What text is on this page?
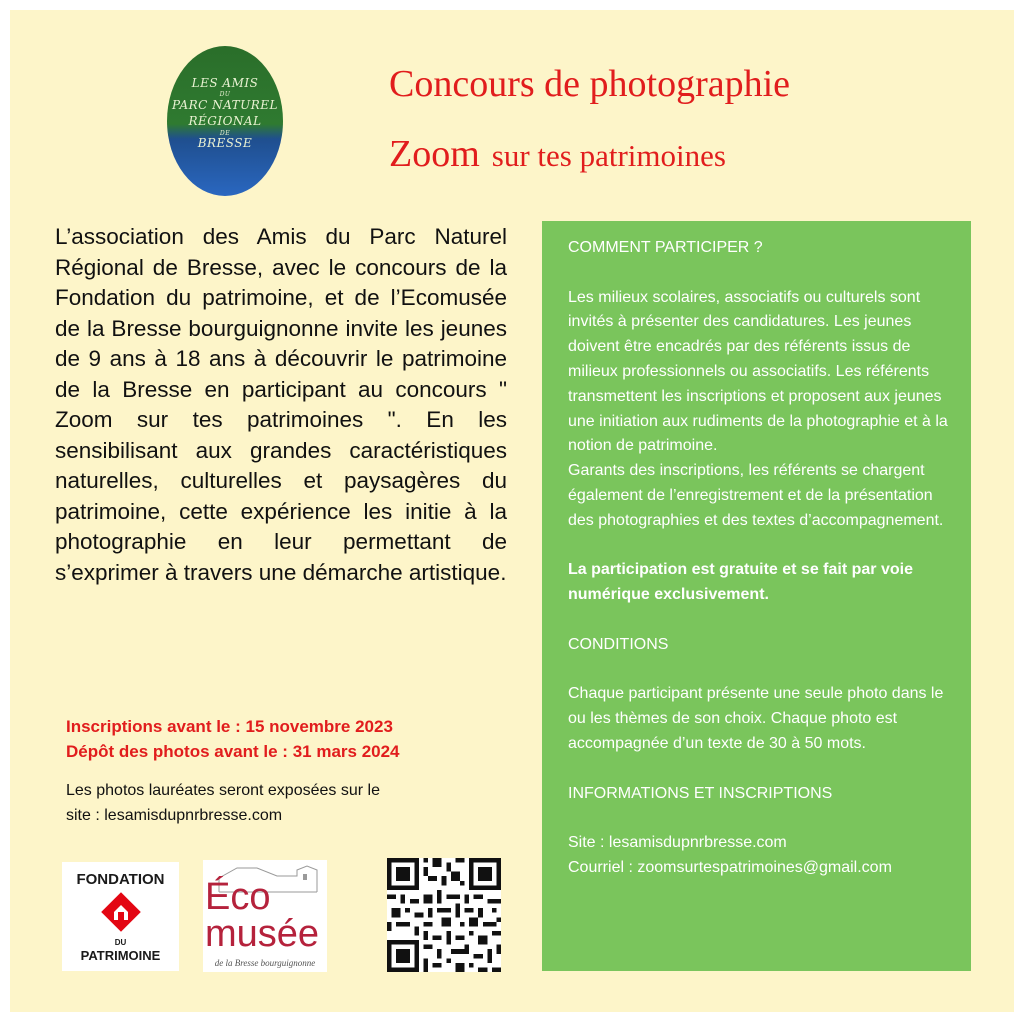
LES AMIS
DU
PARC NATUREL
RÉGIONAL
DE
BRESSE
Concours de photographie
Zoom sur tes patrimoines
L’association des Amis du Parc Naturel Régional de Bresse, avec le concours de la Fondation du patrimoine, et de l’Ecomusée de la Bresse bourguignonne invite les jeunes de 9 ans à 18 ans à découvrir le patrimoine de la Bresse en participant au concours " Zoom sur tes patrimoines ". En les sensibilisant aux grandes caractéristiques naturelles, culturelles et paysagères du patrimoine, cette expérience les initie à la photographie en leur permettant de s’exprimer à travers une démarche artistique.
Inscriptions avant le : 15 novembre 2023
Dépôt des photos avant le : 31 mars 2024
Les photos lauréates seront exposées sur le
site : lesamisdupnrbresse.com

COMMENT PARTICIPER ?

Les milieux scolaires, associatifs ou culturels sont invités à présenter des candidatures. Les jeunes doivent être encadrés par des référents issus de milieux professionnels ou associatifs. Les référents transmettent les inscriptions et proposent aux jeunes une initiation aux rudiments de la photographie et à la notion de patrimoine.

Garants des inscriptions, les référents se chargent également de l’enregistrement et de la présentation des photographies et des textes d’accompagnement.

La participation est gratuite et se fait par voie numérique exclusivement.

CONDITIONS

Chaque participant présente une seule photo dans le ou les thèmes de son choix. Chaque photo est accompagnée d’un texte de 30 à 50 mots.

INFORMATIONS ET INSCRIPTIONS

Site : lesamisdupnrbresse.com

Courriel : zoomsurtespatrimoines@gmail.com

FONDATION
DU
PATRIMOINE
Éco
musée
de la Bresse bourguignonne
